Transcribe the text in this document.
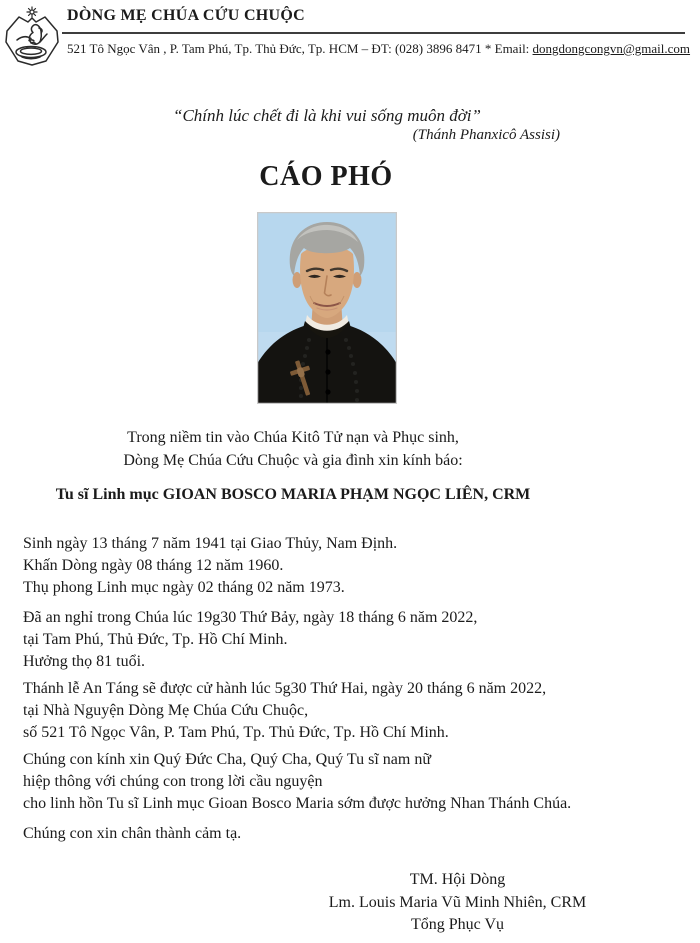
DÒNG MẸ CHÚA CỨU CHUỘC
521 Tô Ngọc Vân , P. Tam Phú, Tp. Thủ Đức, Tp. HCM – ĐT: (028) 3896 8471 * Email: dongdongcongvn@gmail.com
“Chính lúc chết đi là khi vui sống muôn đời”
(Thánh Phanxicô Assisi)
CÁO PHÓ
Trong niềm tin vào Chúa Kitô Tử nạn và Phục sinh,
Dòng Mẹ Chúa Cứu Chuộc và gia đình xin kính báo:
Tu sĩ Linh mục GIOAN BOSCO MARIA PHẠM NGỌC LIÊN, CRM
Sinh ngày 13 tháng 7 năm 1941 tại Giao Thủy, Nam Định.
Khấn Dòng ngày 08 tháng 12 năm 1960.
Thụ phong Linh mục ngày 02 tháng 02 năm 1973.
Đã an nghỉ trong Chúa lúc 19g30 Thứ Bảy, ngày 18 tháng 6 năm 2022,
tại Tam Phú, Thủ Đức, Tp. Hồ Chí Minh.
Hưởng thọ 81 tuổi.
Thánh lễ An Táng sẽ được cử hành lúc 5g30 Thứ Hai, ngày 20 tháng 6 năm 2022,
tại Nhà Nguyện Dòng Mẹ Chúa Cứu Chuộc,
số 521 Tô Ngọc Vân, P. Tam Phú, Tp. Thủ Đức, Tp. Hồ Chí Minh.
Chúng con kính xin Quý Đức Cha, Quý Cha, Quý Tu sĩ nam nữ
hiệp thông với chúng con trong lời cầu nguyện
cho linh hồn Tu sĩ Linh mục Gioan Bosco Maria sớm được hưởng Nhan Thánh Chúa.
Chúng con xin chân thành cảm tạ.
TM. Hội Dòng
Lm. Louis Maria Vũ Minh Nhiên, CRM
Tổng Phục Vụ
